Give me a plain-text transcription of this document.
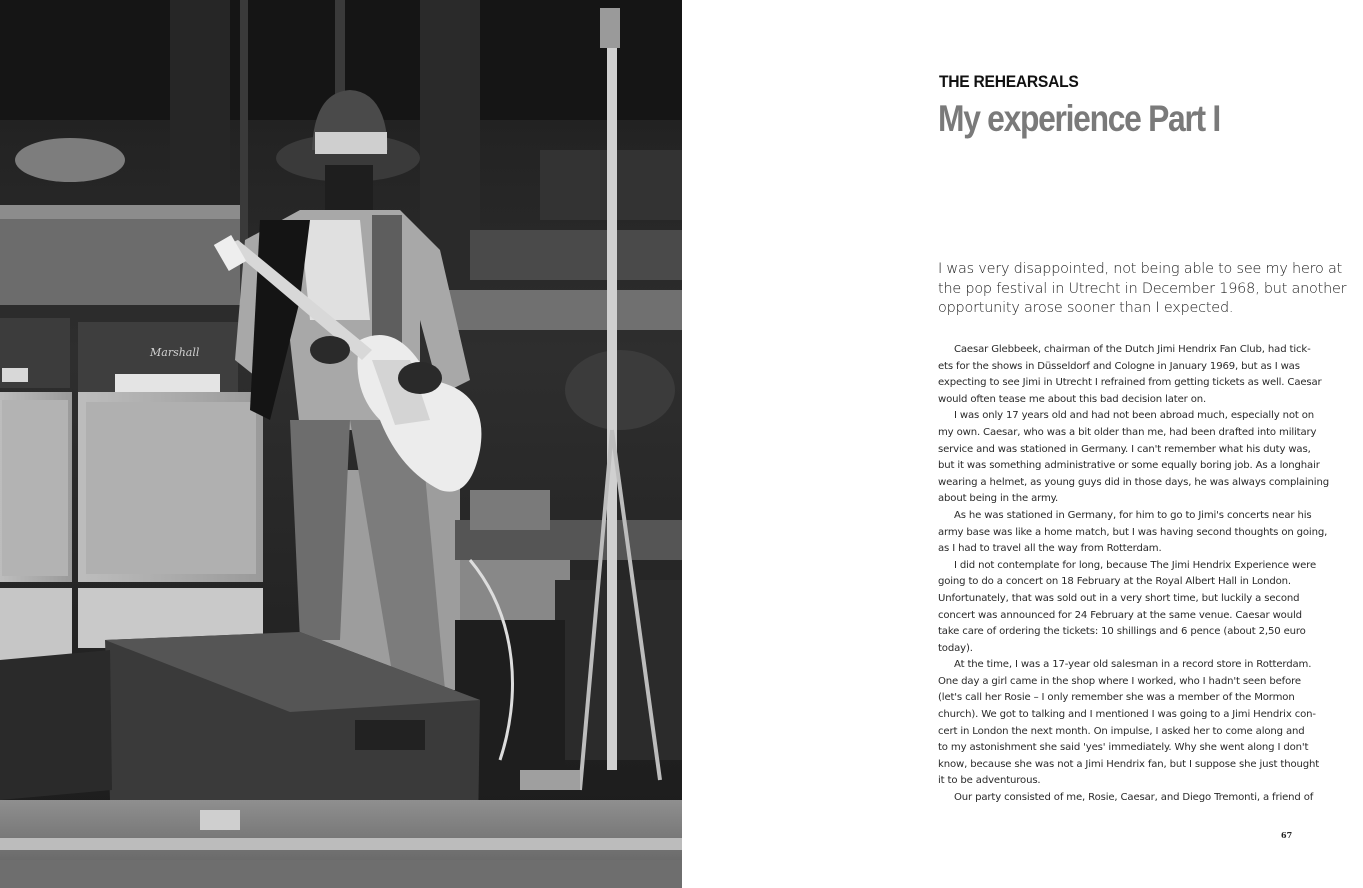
Marshall
THE REHEARSALS
My experience Part I
I was very disappointed, not being able to see my hero at
the pop festival in Utrecht in December 1968, but another
opportunity arose sooner than I expected.
Caesar Glebbeek, chairman of the Dutch Jimi Hendrix Fan Club, had tick-
ets for the shows in Düsseldorf and Cologne in January 1969, but as I was
expecting to see Jimi in Utrecht I refrained from getting tickets as well. Caesar
would often tease me about this bad decision later on.
I was only 17 years old and had not been abroad much, especially not on
my own. Caesar, who was a bit older than me, had been drafted into military
service and was stationed in Germany. I can't remember what his duty was,
but it was something administrative or some equally boring job. As a longhair
wearing a helmet, as young guys did in those days, he was always complaining
about being in the army.
As he was stationed in Germany, for him to go to Jimi's concerts near his
army base was like a home match, but I was having second thoughts on going,
as I had to travel all the way from Rotterdam.
I did not contemplate for long, because The Jimi Hendrix Experience were
going to do a concert on 18 February at the Royal Albert Hall in London.
Unfortunately, that was sold out in a very short time, but luckily a second
concert was announced for 24 February at the same venue. Caesar would
take care of ordering the tickets: 10 shillings and 6 pence (about 2,50 euro
today).
At the time, I was a 17-year old salesman in a record store in Rotterdam.
One day a girl came in the shop where I worked, who I hadn't seen before
(let's call her Rosie – I only remember she was a member of the Mormon
church). We got to talking and I mentioned I was going to a Jimi Hendrix con-
cert in London the next month. On impulse, I asked her to come along and
to my astonishment she said 'yes' immediately. Why she went along I don't
know, because she was not a Jimi Hendrix fan, but I suppose she just thought
it to be adventurous.
Our party consisted of me, Rosie, Caesar, and Diego Tremonti, a friend of
67
